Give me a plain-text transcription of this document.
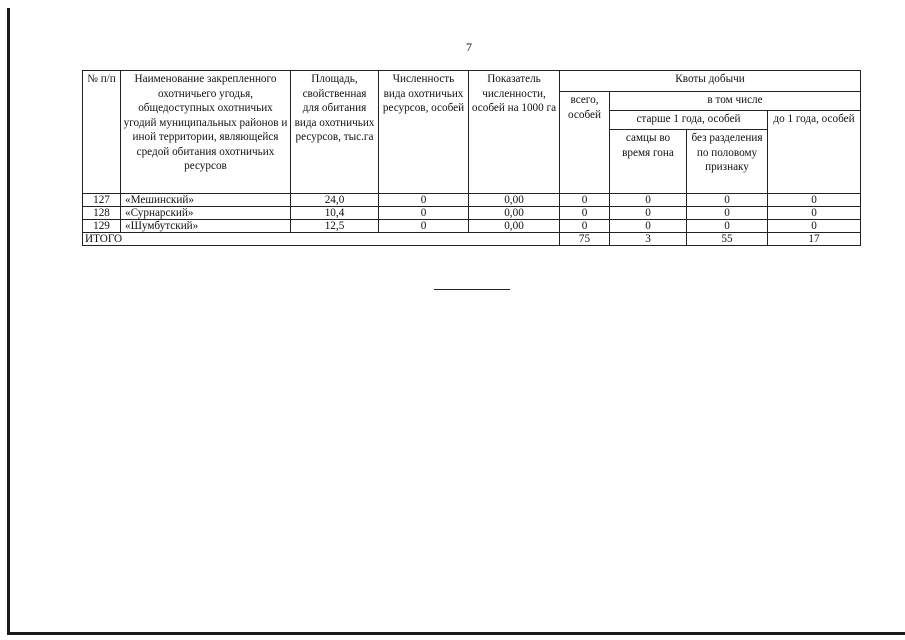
7
№ п/п	Наименование закрепленного охотничьего угодья, общедоступных охотничьих угодий муниципальных районов и иной территории, являющейся средой обитания охотничьих ресурсов	Площадь, свойственная для обитания вида охотничьих ресурсов, тыс.га	Численность вида охотничьих ресурсов, особей	Показатель численности, особей на 1000 га	Квоты добычи			
					всего, особей	в том числе		
						старше 1 года, особей		до 1 года, особей
						самцы во время гона	без разделения по половому признаку	
127	«Мешинский»	24,0	0	0,00	0	0	0	0
128	«Сурнарский»	10,4	0	0,00	0	0	0	0
129	«Шумбутский»	12,5	0	0,00	0	0	0	0
ИТОГО					75	3	55	17
